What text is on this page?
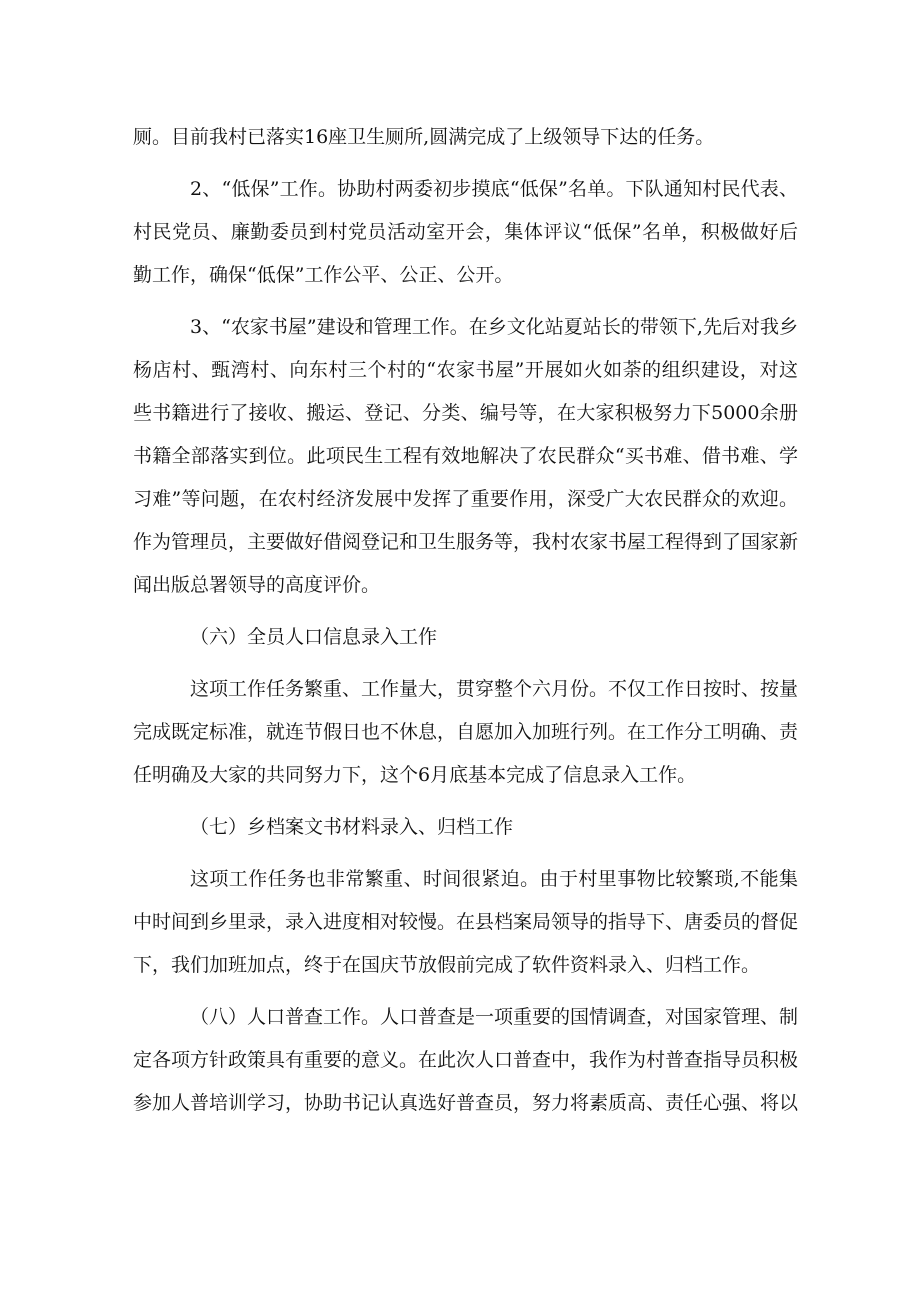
厕。目前我村已落实16座卫生厕所,圆满完成了上级领导下达的任务。

2、“低保”工作。协助村两委初步摸底“低保”名单。下队通知村民代表、村民党员、廉勤委员到村党员活动室开会，集体评议“低保”名单，积极做好后勤工作，确保“低保”工作公平、公正、公开。

3、“农家书屋”建设和管理工作。在乡文化站夏站长的带领下,先后对我乡杨店村、甄湾村、向东村三个村的“农家书屋”开展如火如荼的组织建设，对这些书籍进行了接收、搬运、登记、分类、编号等，在大家积极努力下5000余册书籍全部落实到位。此项民生工程有效地解决了农民群众“买书难、借书难、学习难”等问题，在农村经济发展中发挥了重要作用，深受广大农民群众的欢迎。作为管理员，主要做好借阅登记和卫生服务等，我村农家书屋工程得到了国家新闻出版总署领导的高度评价。

（六）全员人口信息录入工作

这项工作任务繁重、工作量大，贯穿整个六月份。不仅工作日按时、按量完成既定标准，就连节假日也不休息，自愿加入加班行列。在工作分工明确、责任明确及大家的共同努力下，这个6月底基本完成了信息录入工作。

（七）乡档案文书材料录入、归档工作

这项工作任务也非常繁重、时间很紧迫。由于村里事物比较繁琐,不能集中时间到乡里录，录入进度相对较慢。在县档案局领导的指导下、唐委员的督促下，我们加班加点，终于在国庆节放假前完成了软件资料录入、归档工作。

（八）人口普查工作。人口普查是一项重要的国情调查，对国家管理、制定各项方针政策具有重要的意义。在此次人口普查中，我作为村普查指导员积极参加人普培训学习，协助书记认真选好普查员，努力将素质高、责任心强、将以
